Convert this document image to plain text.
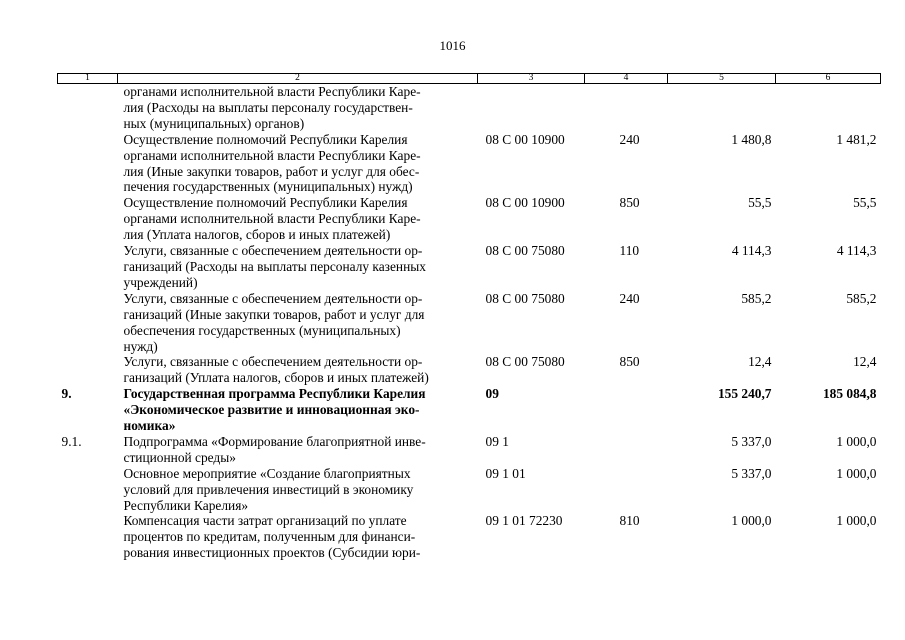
1016
1	2	3	4	5	6
	органами исполнительной власти Республики Каре-
лия (Расходы на выплаты персоналу государствен-
ных (муниципальных) органов)				
	Осуществление полномочий Республики Карелия
органами исполнительной власти Республики Каре-
лия (Иные закупки товаров, работ и услуг для обес-
печения государственных (муниципальных) нужд)	08 С 00 10900	240	1 480,8	1 481,2
	Осуществление полномочий Республики Карелия
органами исполнительной власти Республики Каре-
лия (Уплата налогов, сборов и иных платежей)	08 С 00 10900	850	55,5	55,5
	Услуги, связанные с обеспечением деятельности ор-
ганизаций (Расходы на выплаты персоналу казенных
учреждений)	08 С 00 75080	110	4 114,3	4 114,3
	Услуги, связанные с обеспечением деятельности ор-
ганизаций (Иные закупки товаров, работ и услуг для
обеспечения государственных (муниципальных)
нужд)	08 С 00 75080	240	585,2	585,2
	Услуги, связанные с обеспечением деятельности ор-
ганизаций (Уплата налогов, сборов и иных платежей)	08 С 00 75080	850	12,4	12,4
9.	Государственная программа Республики Карелия
«Экономическое развитие и инновационная эко-
номика»	09		155 240,7	185 084,8
9.1.	Подпрограмма «Формирование благоприятной инве-
стиционной среды»	09 1		5 337,0	1 000,0
	Основное мероприятие «Создание благоприятных
условий для привлечения инвестиций в экономику
Республики Карелия»	09 1 01		5 337,0	1 000,0
	Компенсация части затрат организаций по уплате
процентов по кредитам, полученным для финанси-
рования инвестиционных проектов (Субсидии юри-	09 1 01 72230	810	1 000,0	1 000,0
